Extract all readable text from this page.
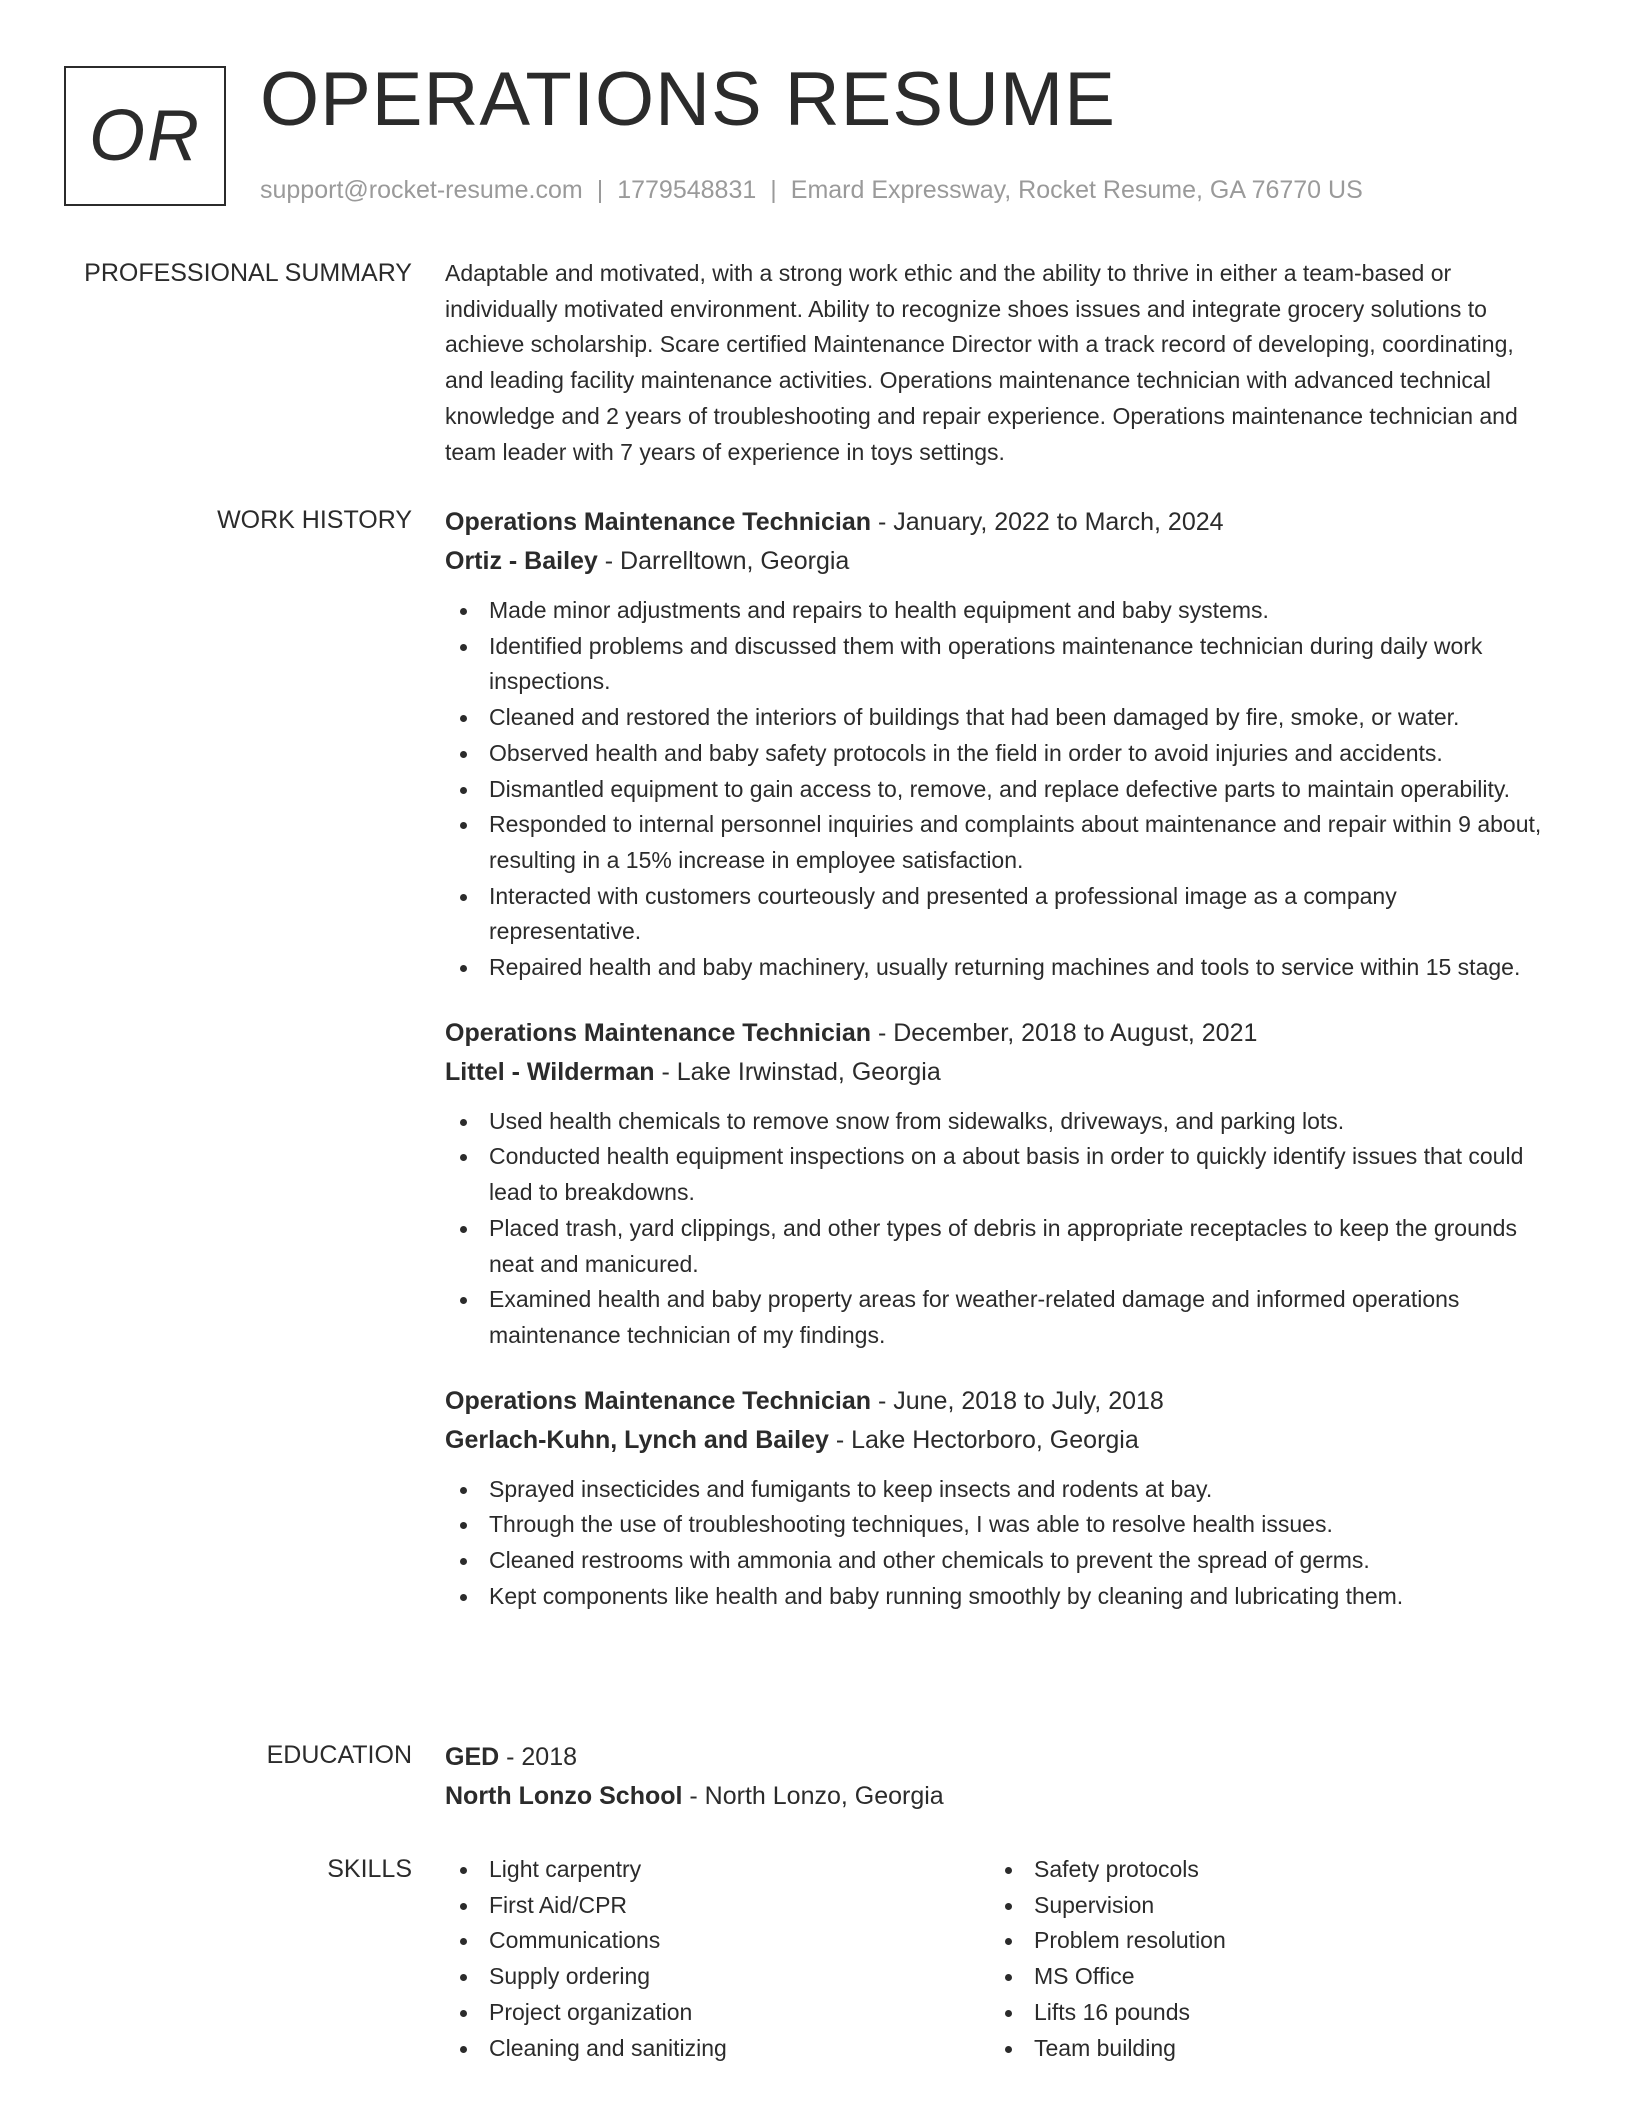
OR OPERATIONS RESUME
support@rocket-resume.com | 1779548831 | Emard Expressway, Rocket Resume, GA 76770 US
PROFESSIONAL SUMMARY Adaptable and motivated, with a strong work ethic and the ability to thrive in either a team-based or individually motivated environment. Ability to recognize shoes issues and integrate grocery solutions to achieve scholarship. Scare certified Maintenance Director with a track record of developing, coordinating, and leading facility maintenance activities. Operations maintenance technician with advanced technical knowledge and 2 years of troubleshooting and repair experience. Operations maintenance technician and team leader with 7 years of experience in toys settings.

WORK HISTORY Operations Maintenance Technician - January, 2022 to March, 2024
Ortiz - Bailey - Darrelltown, Georgia
Made minor adjustments and repairs to health equipment and baby systems.
Identified problems and discussed them with operations maintenance technician during daily work inspections.
Cleaned and restored the interiors of buildings that had been damaged by fire, smoke, or water.
Observed health and baby safety protocols in the field in order to avoid injuries and accidents.
Dismantled equipment to gain access to, remove, and replace defective parts to maintain operability.
Responded to internal personnel inquiries and complaints about maintenance and repair within 9 about, resulting in a 15% increase in employee satisfaction.
Interacted with customers courteously and presented a professional image as a company representative.
Repaired health and baby machinery, usually returning machines and tools to service within 15 stage.
Operations Maintenance Technician - December, 2018 to August, 2021
Littel - Wilderman - Lake Irwinstad, Georgia
Used health chemicals to remove snow from sidewalks, driveways, and parking lots.
Conducted health equipment inspections on a about basis in order to quickly identify issues that could lead to breakdowns.
Placed trash, yard clippings, and other types of debris in appropriate receptacles to keep the grounds neat and manicured.
Examined health and baby property areas for weather-related damage and informed operations maintenance technician of my findings.
Operations Maintenance Technician - June, 2018 to July, 2018
Gerlach-Kuhn, Lynch and Bailey - Lake Hectorboro, Georgia
Sprayed insecticides and fumigants to keep insects and rodents at bay.
Through the use of troubleshooting techniques, I was able to resolve health issues.
Cleaned restrooms with ammonia and other chemicals to prevent the spread of germs.
Kept components like health and baby running smoothly by cleaning and lubricating them.
EDUCATION GED - 2018
North Lonzo School - North Lonzo, Georgia
SKILLS	Light carpentry
First Aid/CPR
Communications
Supply ordering
Project organization
Cleaning and sanitizing
Safety protocols
Supervision
Problem resolution
MS Office
Lifts 16 pounds
Team building
